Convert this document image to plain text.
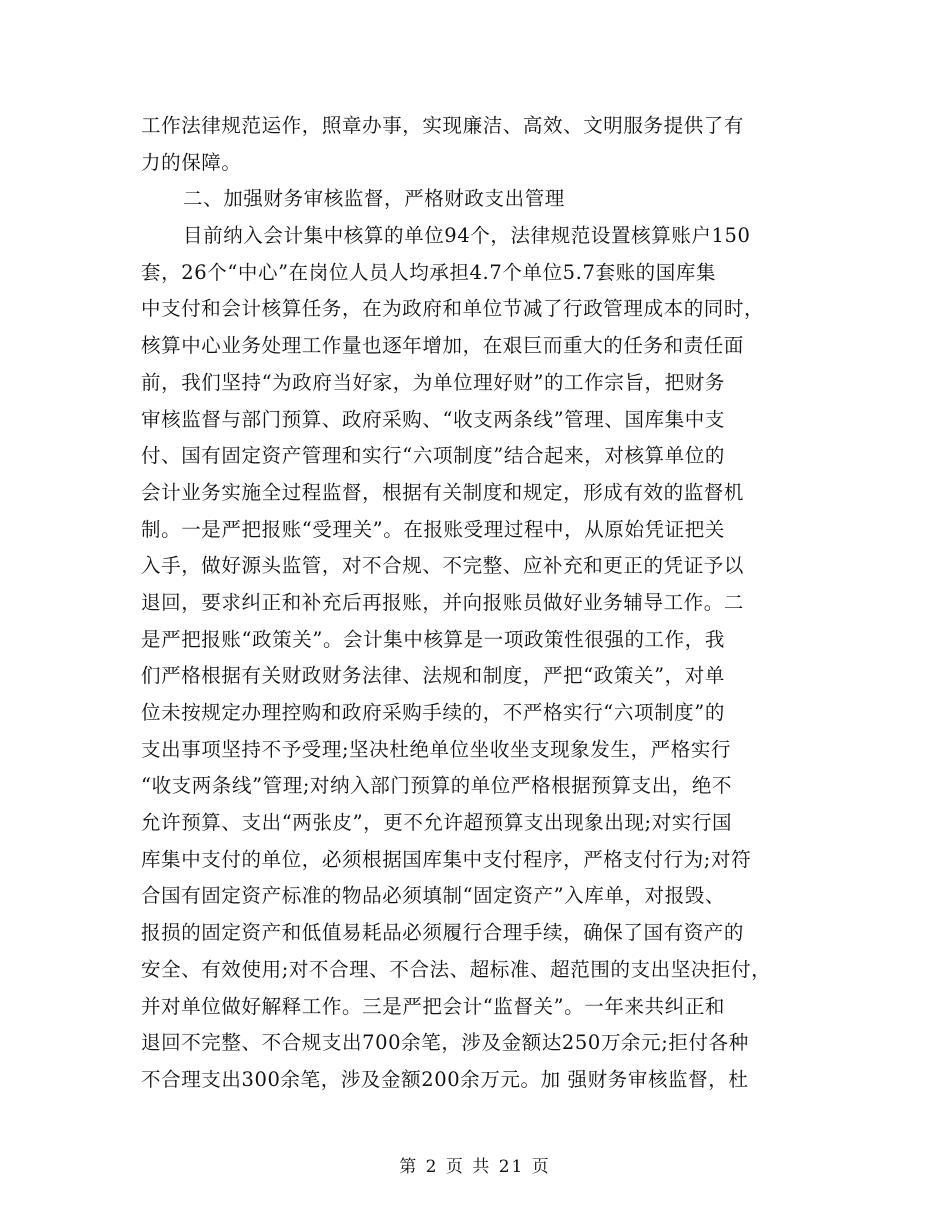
工作法律规范运作，照章办事，实现廉洁、高效、文明服务提供了有
力的保障。
二、加强财务审核监督，严格财政支出管理
目前纳入会计集中核算的单位94个，法律规范设置核算账户150
套，26个“中心”在岗位人员人均承担4.7个单位5.7套账的国库集
中支付和会计核算任务，在为政府和单位节减了行政管理成本的同时，
核算中心业务处理工作量也逐年增加，在艰巨而重大的任务和责任面
前，我们坚持“为政府当好家，为单位理好财”的工作宗旨，把财务
审核监督与部门预算、政府采购、“收支两条线”管理、国库集中支
付、国有固定资产管理和实行“六项制度”结合起来，对核算单位的
会计业务实施全过程监督，根据有关制度和规定，形成有效的监督机
制。一是严把报账“受理关”。在报账受理过程中，从原始凭证把关
入手，做好源头监管，对不合规、不完整、应补充和更正的凭证予以
退回，要求纠正和补充后再报账，并向报账员做好业务辅导工作。二
是严把报账“政策关”。会计集中核算是一项政策性很强的工作，我
们严格根据有关财政财务法律、法规和制度，严把“政策关”，对单
位未按规定办理控购和政府采购手续的，不严格实行“六项制度”的
支出事项坚持不予受理;坚决杜绝单位坐收坐支现象发生，严格实行
“收支两条线”管理;对纳入部门预算的单位严格根据预算支出，绝不
允许预算、支出“两张皮”，更不允许超预算支出现象出现;对实行国
库集中支付的单位，必须根据国库集中支付程序，严格支付行为;对符
合国有固定资产标准的物品必须填制“固定资产”入库单，对报毁、
报损的固定资产和低值易耗品必须履行合理手续，确保了国有资产的
安全、有效使用;对不合理、不合法、超标准、超范围的支出坚决拒付，
并对单位做好解释工作。三是严把会计“监督关”。一年来共纠正和
退回不完整、不合规支出700余笔，涉及金额达250万余元;拒付各种
不合理支出300余笔，涉及金额200余万元。加 强财务审核监督，杜
第 2 页 共 21 页
